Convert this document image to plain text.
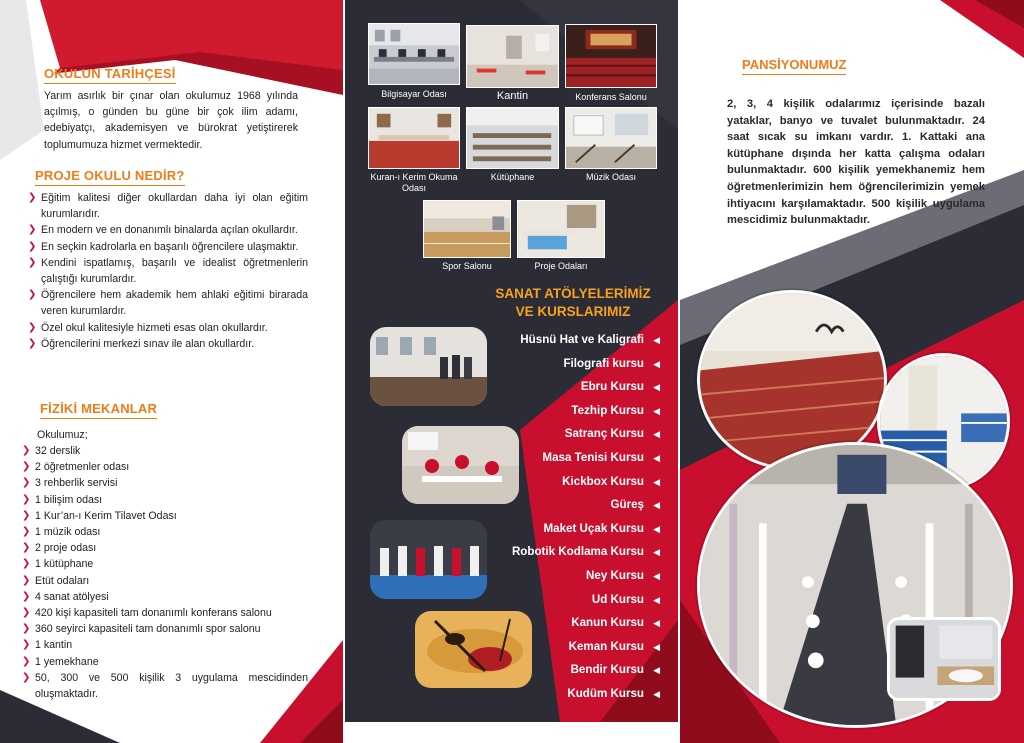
OKULUN TARİHÇESİ

Yarım asırlık bir çınar olan okulumuz 1968 yılında açılmış, o günden bu güne bir çok ilim adamı, edebiyatçı, akademisyen ve bürokrat yetiştirerek toplumumuza hizmet vermektedir.

PROJE OKULU NEDİR?
❯ Eğitim kalitesi diğer okullardan daha iyi olan eğitim kurumlarıdır.
❯ En modern ve en donanımlı binalarda açılan okullardır.
❯ En seçkin kadrolarla en başarılı öğrencilere ulaşmaktır.
❯ Kendini ispatlamış, başarılı ve idealist öğretmenlerin çalıştığı kurumlardır.
❯ Öğrencilere hem akademik hem ahlaki eğitimi birarada veren kurumlardır.
❯ Özel okul kalitesiyle hizmeti esas olan okullardır.
❯ Öğrencilerini merkezi sınav ile alan okullardır.
FİZİKİ MEKANLAR
Okulumuz;
❯ 32 derslik
❯ 2 öğretmenler odası
❯ 3 rehberlik servisi
❯ 1 bilişim odası
❯ 1 Kur’an-ı Kerim Tilavet Odası
❯ 1 müzik odası
❯ 2 proje odası
❯ 1 kütüphane
❯ Etüt odaları
❯ 4 sanat atölyesi
❯ 420 kişi kapasiteli tam donanımlı konferans salonu
❯ 360 seyirci kapasiteli tam donanımlı spor salonu
❯ 1 kantin
❯ 1 yemekhane
❯ 50, 300 ve 500 kişilik 3 uygulama mescidinden oluşmaktadır.
Bilgisayar Odası	Kantin	Konferans Salonu
Kuran-ı Kerim Okuma Odası
Kütüphane	Müzik Odası
Spor Salonu	Proje Odaları
SANAT ATÖLYELERİMİZ
VE KURSLARIMIZ
Hüsnü Hat ve Kaligrafi ◀
Filografi kursu ◀
Ebru Kursu ◀
Tezhip Kursu ◀
Satranç Kursu ◀
Masa Tenisi Kursu ◀
Kickbox Kursu ◀
Güreş ◀
Maket Uçak Kursu ◀
Robotik Kodlama Kursu ◀
Ney Kursu ◀
Ud Kursu ◀
Kanun Kursu ◀
Keman Kursu ◀
Bendir Kursu ◀
Kudüm Kursu ◀
PANSİYONUMUZ

2, 3, 4 kişilik odalarımız içerisinde bazalı yataklar, banyo ve tuvalet bulunmaktadır. 24 saat sıcak su imkanı vardır. 1. Kattaki ana kütüphane dışında her katta çalışma odaları bulunmaktadır. 600 kişilik yemekhanemiz hem öğretmenlerimizin hem öğrencilerimizin yemek ihtiyacını karşılamaktadır. 500 kişilik uygulama mescidimiz bulunmaktadır.
